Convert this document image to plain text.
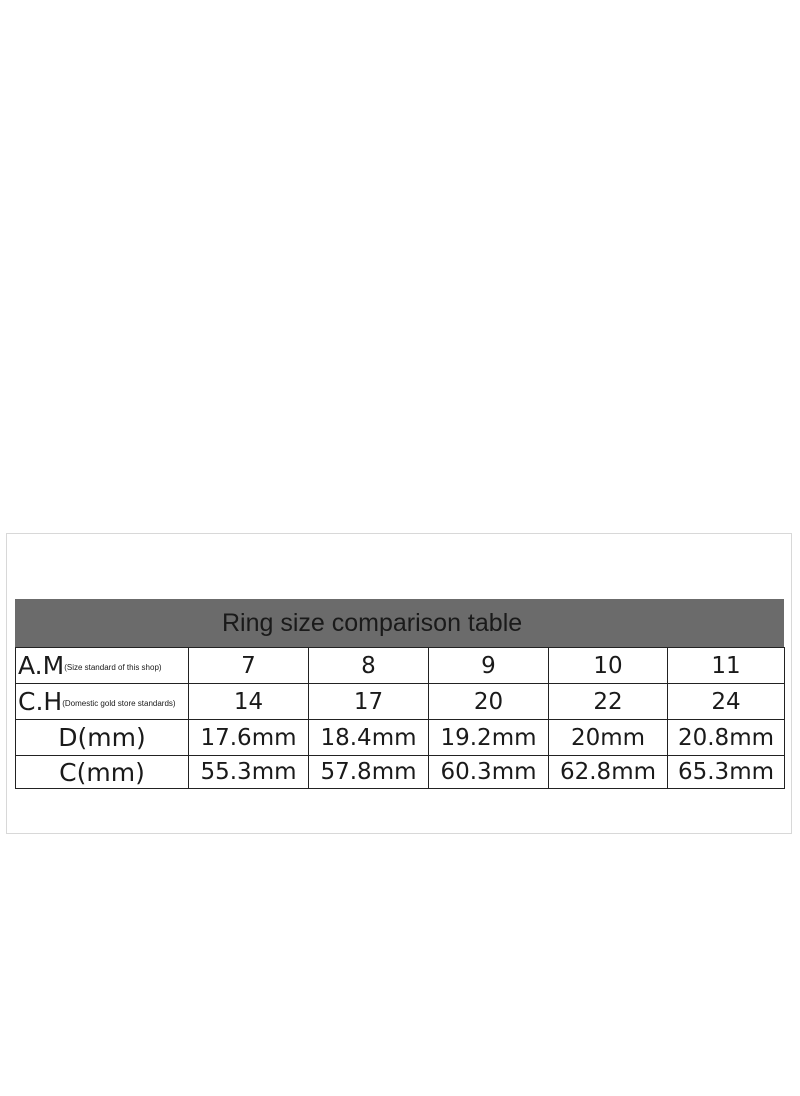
Ring size comparison table
A.M(Size standard of this shop)	7	8	9	10	11
C.H(Domestic gold store standards)	14	17	20	22	24
D(mm)	17.6mm	18.4mm	19.2mm	20mm	20.8mm
C(mm)	55.3mm	57.8mm	60.3mm	62.8mm	65.3mm
